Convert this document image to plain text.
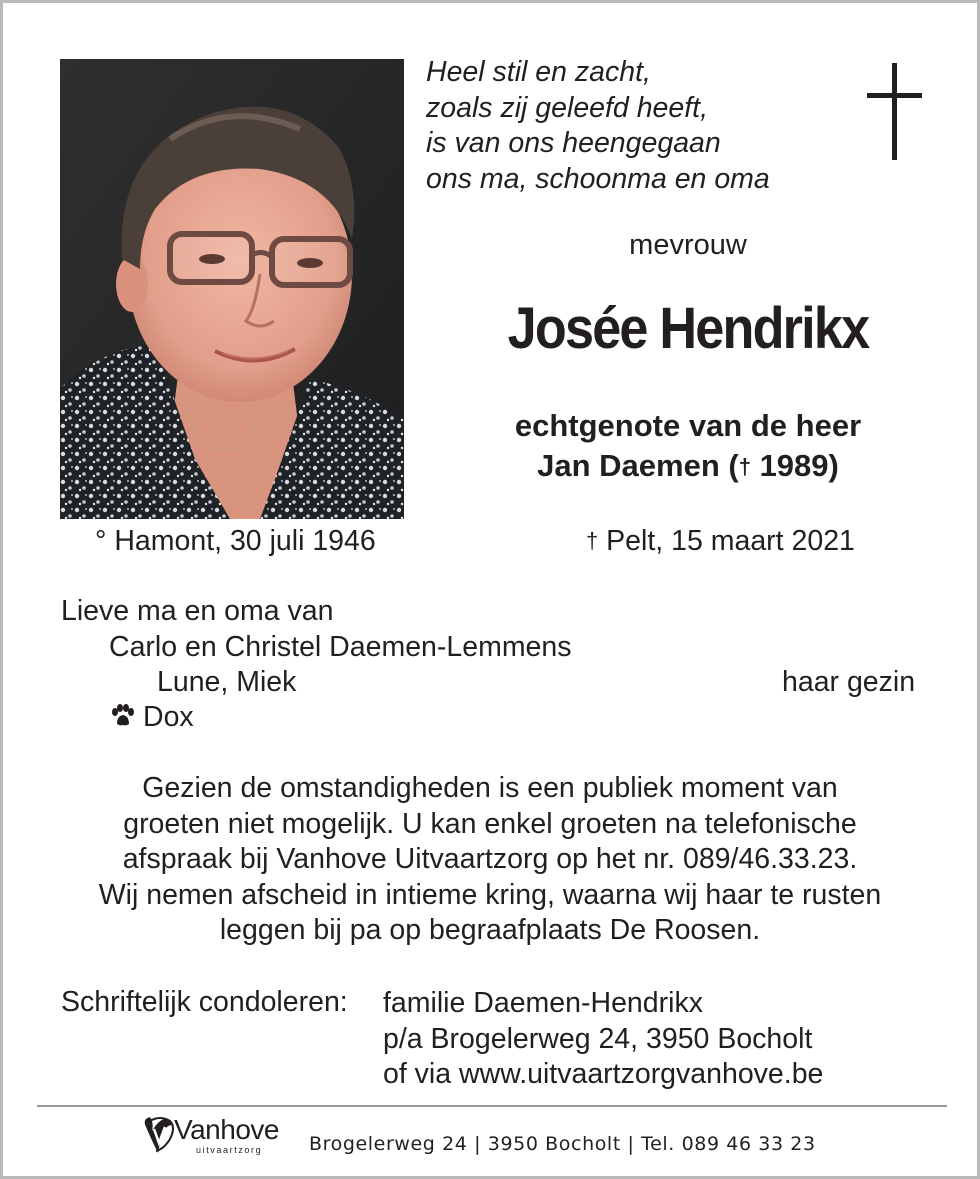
Heel stil en zacht,
zoals zij geleefd heeft,
is van ons heengegaan
ons ma, schoonma en oma
mevrouw
Josée Hendrikx
echtgenote van de heer
Jan Daemen († 1989)
° Hamont, 30 juli 1946	† Pelt, 15 maart 2021
Lieve ma en oma van
Carlo en Christel Daemen-Lemmens
Lune, Miek	haar gezin
Dox
Gezien de omstandigheden is een publiek moment van
groeten niet mogelijk. U kan enkel groeten na telefonische
afspraak bij Vanhove Uitvaartzorg op het nr. 089/46.33.23.
Wij nemen afscheid in intieme kring, waarna wij haar te rusten
leggen bij pa op begraafplaats De Roosen.
Schriftelijk condoleren: familie Daemen-Hendrikx
p/a Brogelerweg 24, 3950 Bocholt
of via www.uitvaartzorgvanhove.be
Vanhove
uitvaartzorg Brogelerweg 24 | 3950 Bocholt | Tel. 089 46 33 23
